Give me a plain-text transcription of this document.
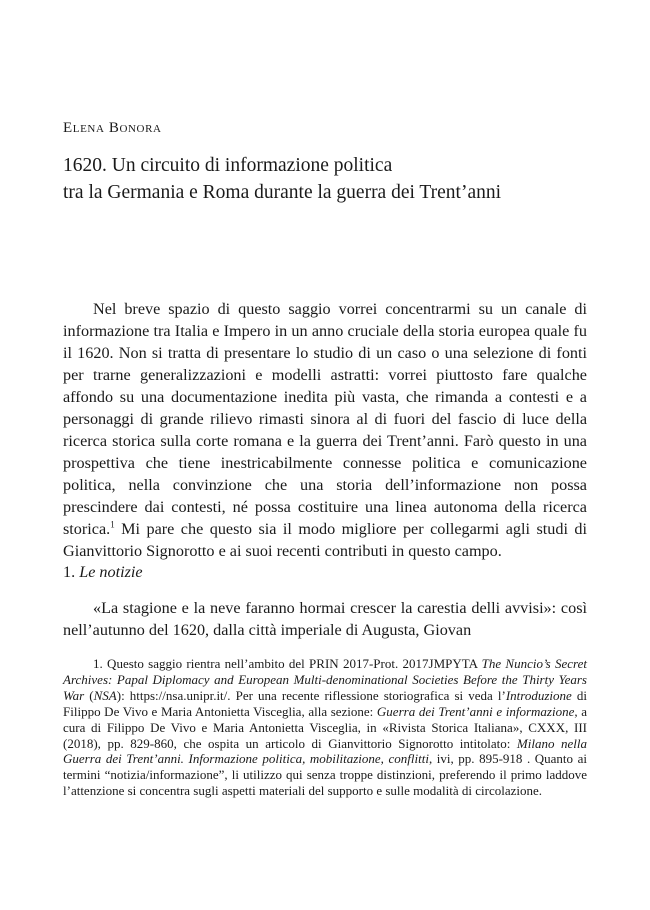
Elena Bonora
1620. Un circuito di informazione politica
tra la Germania e Roma durante la guerra dei Trent’anni

Nel breve spazio di questo saggio vorrei concentrarmi su un canale di informazione tra Italia e Impero in un anno cruciale della storia europea quale fu il 1620. Non si tratta di presentare lo studio di un caso o una selezione di fonti per trarne generalizzazioni e modelli astratti: vorrei piuttosto fare qualche affondo su una documentazione inedita più vasta, che rimanda a contesti e a personaggi di grande rilievo rimasti sinora al di fuori del fascio di luce della ricerca storica sulla corte romana e la guerra dei Trent’anni. Farò questo in una prospettiva che tiene inestricabilmente connesse politica e comunicazione politica, nella convinzione che una storia dell’informazione non possa prescindere dai contesti, né possa costituire una linea autonoma della ricerca storica.$^1$ Mi pare che questo sia il modo migliore per collegarmi agli studi di Gianvittorio Signorotto e ai suoi recenti contributi in questo campo.

1. Le notizie

«La stagione e la neve faranno hormai crescer la carestia delli avvisi»: così nell’autunno del 1620, dalla città imperiale di Augusta, Giovan

1. Questo saggio rientra nell’ambito del PRIN 2017-Prot. 2017JMPYTA The Nuncio’s Secret Archives: Papal Diplomacy and European Multi-denominational Societies Before the Thirty Years War (NSA): https://nsa.unipr.it/. Per una recente riflessione storiografica si veda l’Introduzione di Filippo De Vivo e Maria Antonietta Visceglia, alla sezione: Guerra dei Trent’anni e informazione, a cura di Filippo De Vivo e Maria Antonietta Visceglia, in «Rivista Storica Italiana», CXXX, III (2018), pp. 829-860, che ospita un articolo di Gianvittorio Signorotto intitolato: Milano nella Guerra dei Trent’anni. Informazione politica, mobilitazione, conflitti, ivi, pp. 895-918 . Quanto ai termini “notizia/informazione”, li utilizzo qui senza troppe distinzioni, preferendo il primo laddove l’attenzione si concentra sugli aspetti materiali del supporto e sulle modalità di circolazione.
